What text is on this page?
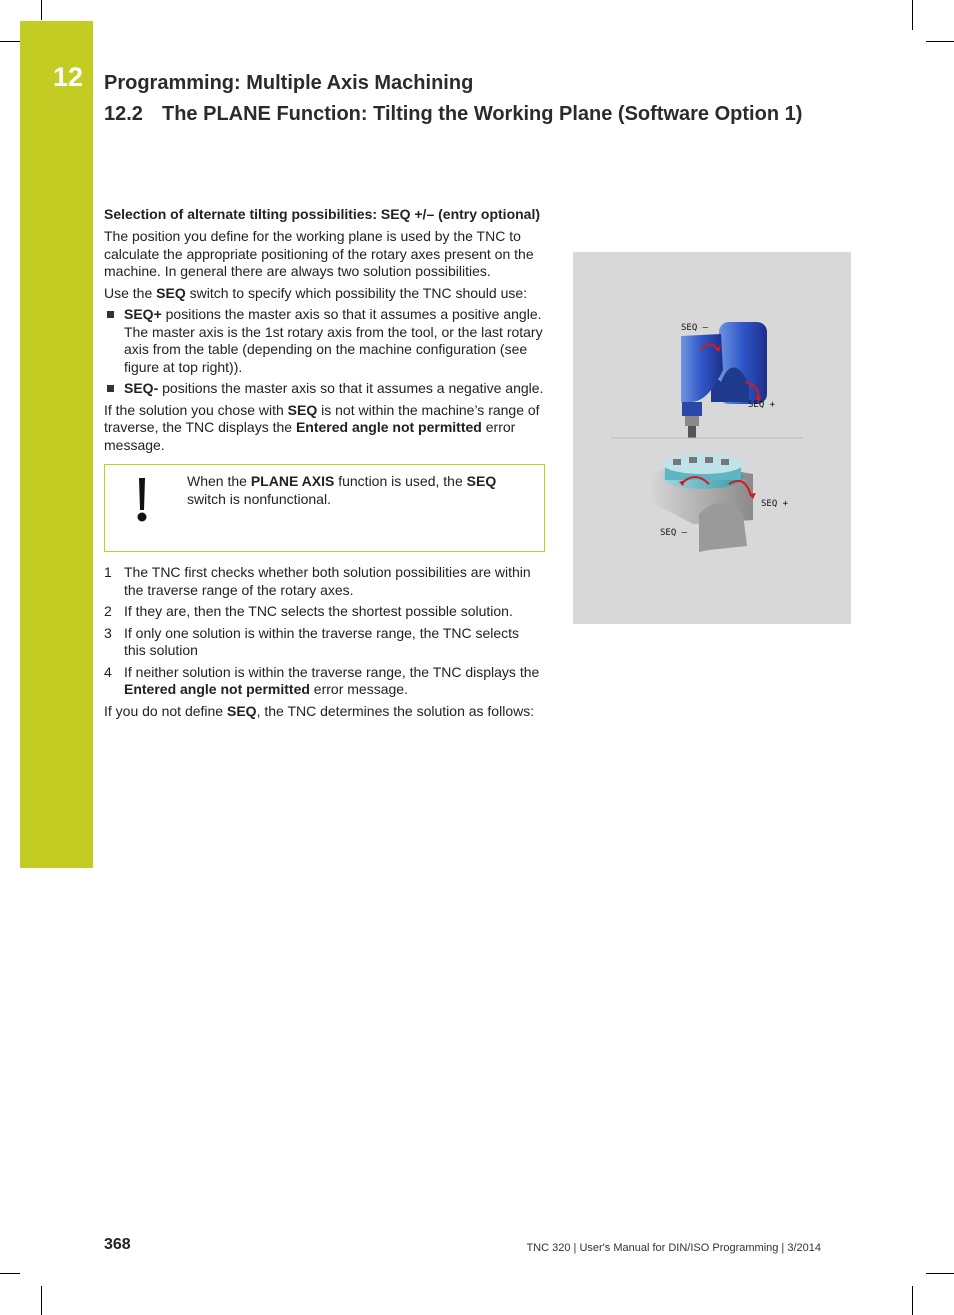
12 Programming: Multiple Axis Machining
12.2 The PLANE Function: Tilting the Working Plane (Software Option 1)
Selection of alternate tilting possibilities: SEQ +/– (entry optional)

The position you define for the working plane is used by the TNC to calculate the appropriate positioning of the rotary axes present on the machine. In general there are always two solution possibilities.

Use the SEQ switch to specify which possibility the TNC should use:

SEQ+ positions the master axis so that it assumes a positive angle. The master axis is the 1st rotary axis from the tool, or the last rotary axis from the table (depending on the machine configuration (see figure at top right)).
SEQ- positions the master axis so that it assumes a negative angle.

If the solution you chose with SEQ is not within the machine’s range of traverse, the TNC displays the Entered angle not permitted error message.

When the PLANE AXIS function is used, the SEQ switch is nonfunctional.
1 The TNC first checks whether both solution possibilities are within the traverse range of the rotary axes.
2 If they are, then the TNC selects the shortest possible solution.
3 If only one solution is within the traverse range, the TNC selects this solution
4 If neither solution is within the traverse range, the TNC displays the Entered angle not permitted error message.

If you do not define SEQ, the TNC determines the solution as follows:

SEQ –
SEQ +
SEQ +
SEQ –
368	TNC 320 | User's Manual for DIN/ISO Programming | 3/2014
